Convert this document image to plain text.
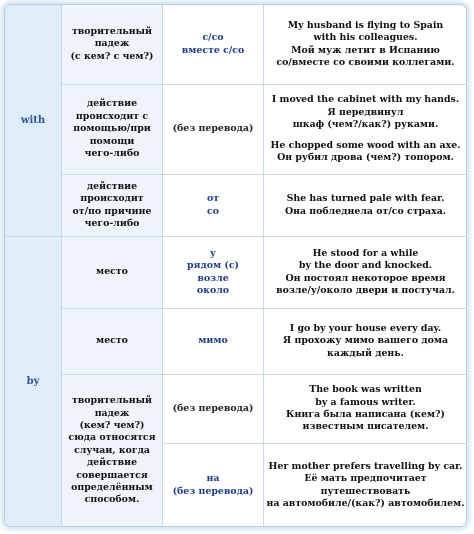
with
by
творительный
падеж
(с кем? с чем?)
с/со
вместе с/со
My husband is flying to Spain
with his colleagues.
Мой муж летит в Испанию
со/вместе со своими коллегами.
действие
происходит с
помощью/при
помощи
чего-либо
(без перевода)
I moved the cabinet with my hands.
Я передвинул
шкаф (чем?/как?) руками.
He chopped some wood with an axe.
Он рубил дрова (чем?) топором.
действие
происходит
от/по причине
чего-либо
от
со
She has turned pale with fear.
Она побледнела от/со страха.
место
у
рядом (с)
возле
около
He stood for a while
by the door and knocked.
Он постоял некоторое время
возле/у/около двери и постучал.
место	мимо
I go by your house every day.
Я прохожу мимо вашего дома
каждый день.
творительный
падеж
(кем? чем?)
сюда относятся
случаи, когда
действие
совершается
определённым
способом.
(без перевода)
The book was written
by a famous writer.
Книга была написана (кем?)
известным писателем.
на
(без перевода)
Her mother prefers travelling by car.
Её мать предпочитает
путешествовать
на автомобиле/(как?) автомобилем.
